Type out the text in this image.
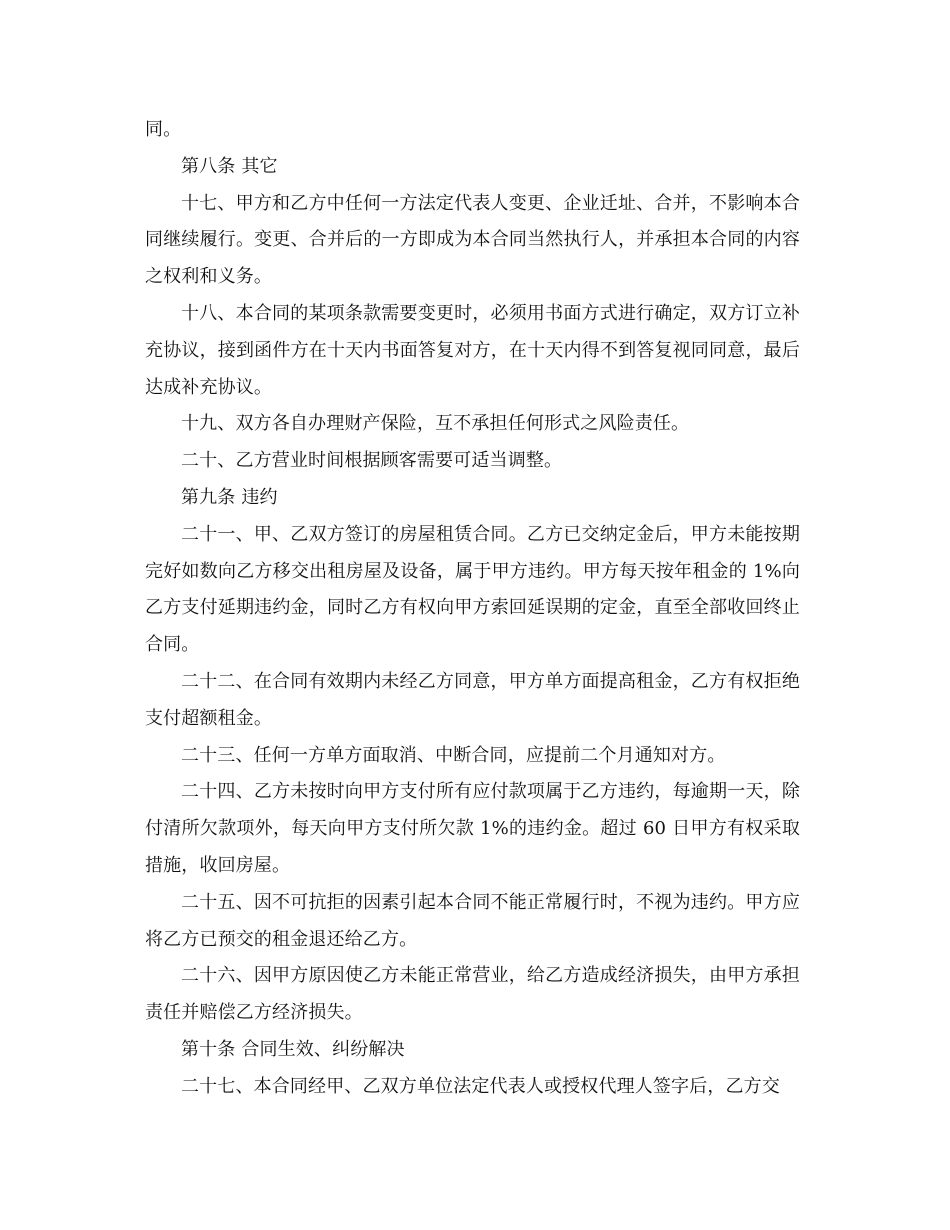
同。

第八条 其它

十七、甲方和乙方中任何一方法定代表人变更、企业迁址、合并，不影响本合同继续履行。变更、合并后的一方即成为本合同当然执行人，并承担本合同的内容之权利和义务。

十八、本合同的某项条款需要变更时，必须用书面方式进行确定，双方订立补充协议，接到函件方在十天内书面答复对方，在十天内得不到答复视同同意，最后达成补充协议。

十九、双方各自办理财产保险，互不承担任何形式之风险责任。

二十、乙方营业时间根据顾客需要可适当调整。

第九条 违约

二十一、甲、乙双方签订的房屋租赁合同。乙方已交纳定金后，甲方未能按期完好如数向乙方移交出租房屋及设备，属于甲方违约。甲方每天按年租金的 1%向乙方支付延期违约金，同时乙方有权向甲方索回延误期的定金，直至全部收回终止合同。

二十二、在合同有效期内未经乙方同意，甲方单方面提高租金，乙方有权拒绝支付超额租金。

二十三、任何一方单方面取消、中断合同，应提前二个月通知对方。

二十四、乙方未按时向甲方支付所有应付款项属于乙方违约，每逾期一天，除付清所欠款项外，每天向甲方支付所欠款 1%的违约金。超过 60 日甲方有权采取措施，收回房屋。

二十五、因不可抗拒的因素引起本合同不能正常履行时，不视为违约。甲方应将乙方已预交的租金退还给乙方。

二十六、因甲方原因使乙方未能正常营业，给乙方造成经济损失，由甲方承担责任并赔偿乙方经济损失。

第十条 合同生效、纠纷解决

二十七、本合同经甲、乙双方单位法定代表人或授权代理人签字后，乙方交
